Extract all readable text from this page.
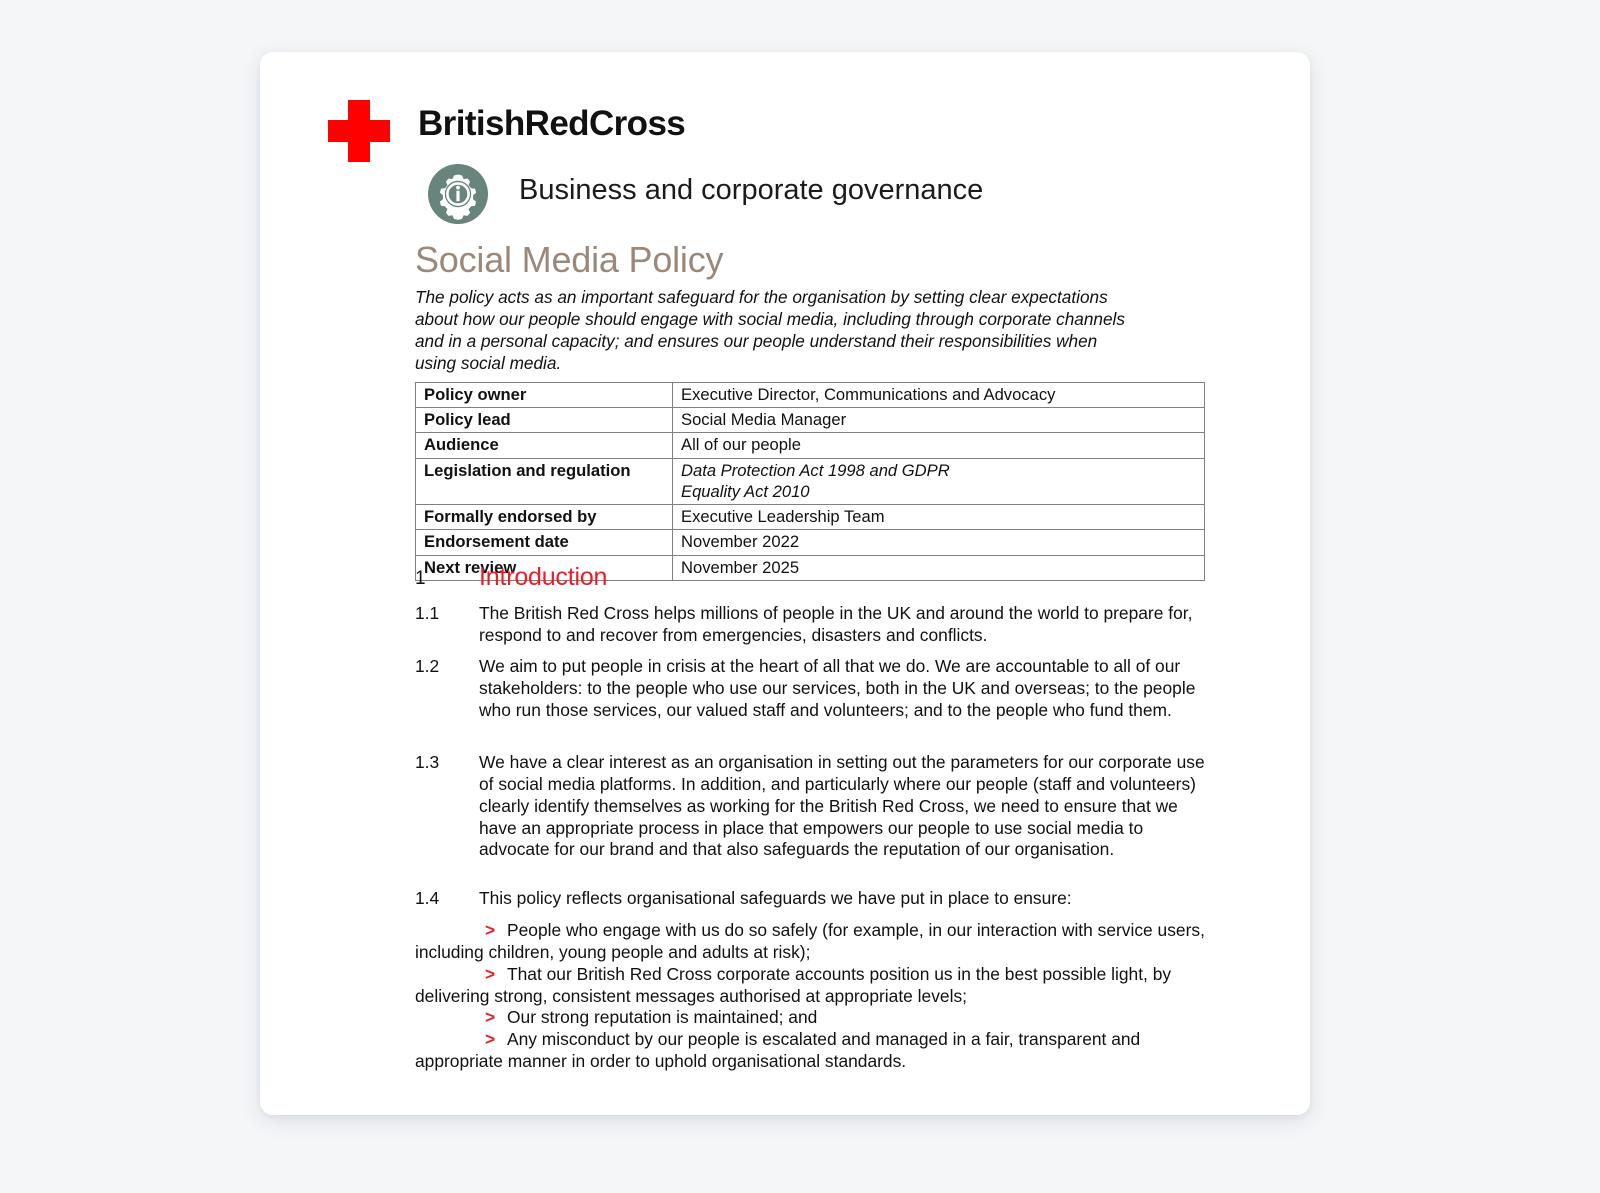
BritishRedCross
Business and corporate governance
Social Media Policy
The policy acts as an important safeguard for the organisation by setting clear expectations about how our people should engage with social media, including through corporate channels and in a personal capacity; and ensures our people understand their responsibilities when using social media.
Policy owner	Executive Director, Communications and Advocacy
Policy lead	Social Media Manager
Audience	All of our people
Legislation and regulation	Data Protection Act 1998 and GDPR
Equality Act 2010

Formally endorsed by	Executive Leadership Team
Endorsement date	November 2022
Next review	November 2025
1 Introduction
1.1 The British Red Cross helps millions of people in the UK and around the world to prepare for, respond to and recover from emergencies, disasters and conflicts.
1.2 We aim to put people in crisis at the heart of all that we do. We are accountable to all of our stakeholders: to the people who use our services, both in the UK and overseas; to the people who run those services, our valued staff and volunteers; and to the people who fund them.
1.3 We have a clear interest as an organisation in setting out the parameters for our corporate use of social media platforms. In addition, and particularly where our people (staff and volunteers) clearly identify themselves as working for the British Red Cross, we need to ensure that we have an appropriate process in place that empowers our people to use social media to advocate for our brand and that also safeguards the reputation of our organisation.
1.4 This policy reflects organisational safeguards we have put in place to ensure:
> People who engage with us do so safely (for example, in our interaction with service users, including children, young people and adults at risk);
> That our British Red Cross corporate accounts position us in the best possible light, by delivering strong, consistent messages authorised at appropriate levels;
> Our strong reputation is maintained; and
> Any misconduct by our people is escalated and managed in a fair, transparent and appropriate manner in order to uphold organisational standards.
